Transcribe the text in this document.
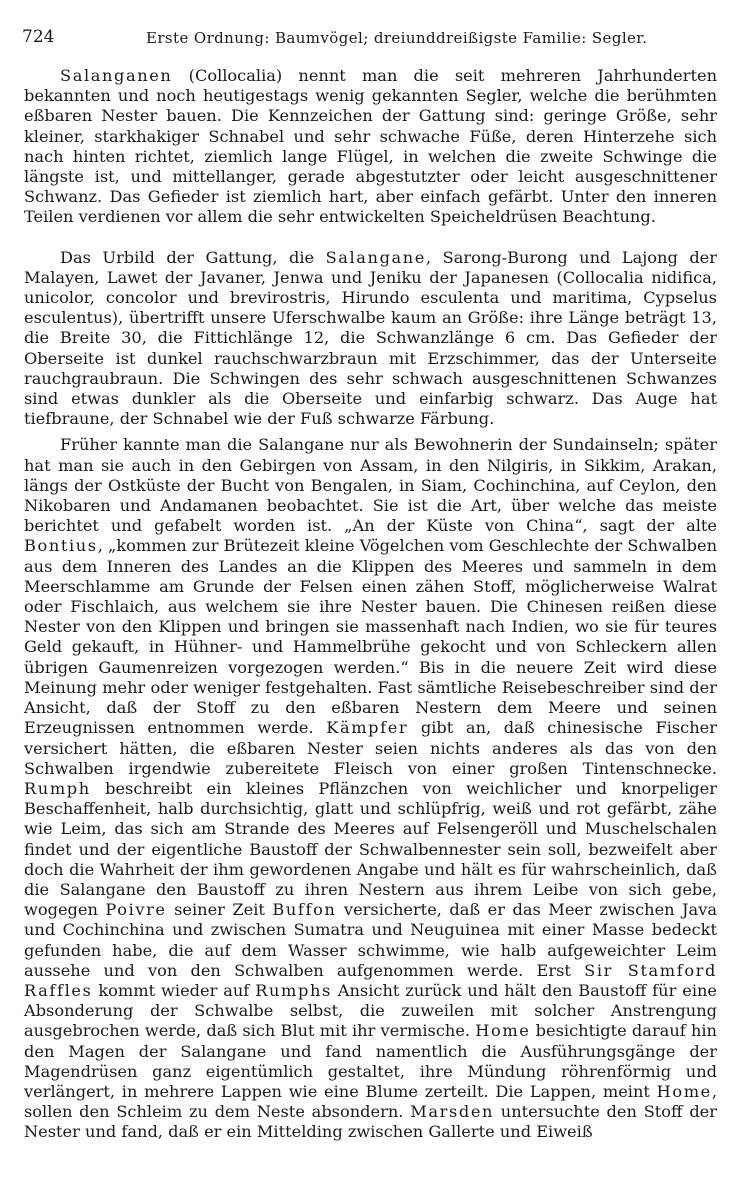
724	Erste Ordnung: Baumvögel; dreiunddreißigste Familie: Segler.

Salanganen (Collocalia) nennt man die seit mehreren Jahrhunderten bekannten und noch heutigestags wenig gekannten Segler, welche die berühmten eßbaren Nester bauen. Die Kennzeichen der Gattung sind: geringe Größe, sehr kleiner, starkhakiger Schnabel und sehr schwache Füße, deren Hinterzehe sich nach hinten richtet, ziemlich lange Flügel, in welchen die zweite Schwinge die längste ist, und mittellanger, gerade abgestutzter oder leicht ausgeschnittener Schwanz. Das Gefieder ist ziemlich hart, aber einfach gefärbt. Unter den inneren Teilen verdienen vor allem die sehr entwickelten Speicheldrüsen Beachtung.

Das Urbild der Gattung, die Salangane, Sarong-Burong und Lajong der Malayen, Lawet der Javaner, Jenwa und Jeniku der Japanesen (Collocalia nidifica, unicolor, concolor und brevirostris, Hirundo esculenta und maritima, Cypselus esculentus), übertrifft unsere Uferschwalbe kaum an Größe: ihre Länge beträgt 13, die Breite 30, die Fittichlänge 12, die Schwanzlänge 6 cm. Das Gefieder der Oberseite ist dunkel rauchschwarzbraun mit Erzschimmer, das der Unterseite rauchgraubraun. Die Schwingen des sehr schwach ausgeschnittenen Schwanzes sind etwas dunkler als die Oberseite und einfarbig schwarz. Das Auge hat tiefbraune, der Schnabel wie der Fuß schwarze Färbung.

Früher kannte man die Salangane nur als Bewohnerin der Sundainseln; später hat man sie auch in den Gebirgen von Assam, in den Nilgiris, in Sikkim, Arakan, längs der Ostküste der Bucht von Bengalen, in Siam, Cochinchina, auf Ceylon, den Nikobaren und Andamanen beobachtet. Sie ist die Art, über welche das meiste berichtet und gefabelt worden ist. „An der Küste von China“, sagt der alte Bontius, „kommen zur Brütezeit kleine Vögelchen vom Geschlechte der Schwalben aus dem Inneren des Landes an die Klippen des Meeres und sammeln in dem Meerschlamme am Grunde der Felsen einen zähen Stoff, möglicherweise Walrat oder Fischlaich, aus welchem sie ihre Nester bauen. Die Chinesen reißen diese Nester von den Klippen und bringen sie massenhaft nach Indien, wo sie für teures Geld gekauft, in Hühner- und Hammelbrühe gekocht und von Schleckern allen übrigen Gaumenreizen vorgezogen werden.“ Bis in die neuere Zeit wird diese Meinung mehr oder weniger festgehalten. Fast sämtliche Reisebeschreiber sind der Ansicht, daß der Stoff zu den eßbaren Nestern dem Meere und seinen Erzeugnissen entnommen werde. Kämpfer gibt an, daß chinesische Fischer versichert hätten, die eßbaren Nester seien nichts anderes als das von den Schwalben irgendwie zubereitete Fleisch von einer großen Tintenschnecke. Rumph beschreibt ein kleines Pflänzchen von weichlicher und knorpeliger Beschaffenheit, halb durchsichtig, glatt und schlüpfrig, weiß und rot gefärbt, zähe wie Leim, das sich am Strande des Meeres auf Felsengeröll und Muschelschalen findet und der eigentliche Baustoff der Schwalbennester sein soll, bezweifelt aber doch die Wahrheit der ihm gewordenen Angabe und hält es für wahrscheinlich, daß die Salangane den Baustoff zu ihren Nestern aus ihrem Leibe von sich gebe, wogegen Poivre seiner Zeit Buffon versicherte, daß er das Meer zwischen Java und Cochinchina und zwischen Sumatra und Neuguinea mit einer Masse bedeckt gefunden habe, die auf dem Wasser schwimme, wie halb aufgeweichter Leim aussehe und von den Schwalben aufgenommen werde. Erst Sir Stamford Raffles kommt wieder auf Rumphs Ansicht zurück und hält den Baustoff für eine Absonderung der Schwalbe selbst, die zuweilen mit solcher Anstrengung ausgebrochen werde, daß sich Blut mit ihr vermische. Home besichtigte darauf hin den Magen der Salangane und fand namentlich die Ausführungsgänge der Magendrüsen ganz eigentümlich gestaltet, ihre Mündung röhrenförmig und verlängert, in mehrere Lappen wie eine Blume zerteilt. Die Lappen, meint Home, sollen den Schleim zu dem Neste absondern. Marsden untersuchte den Stoff der Nester und fand, daß er ein Mittelding zwischen Gallerte und Eiweiß
